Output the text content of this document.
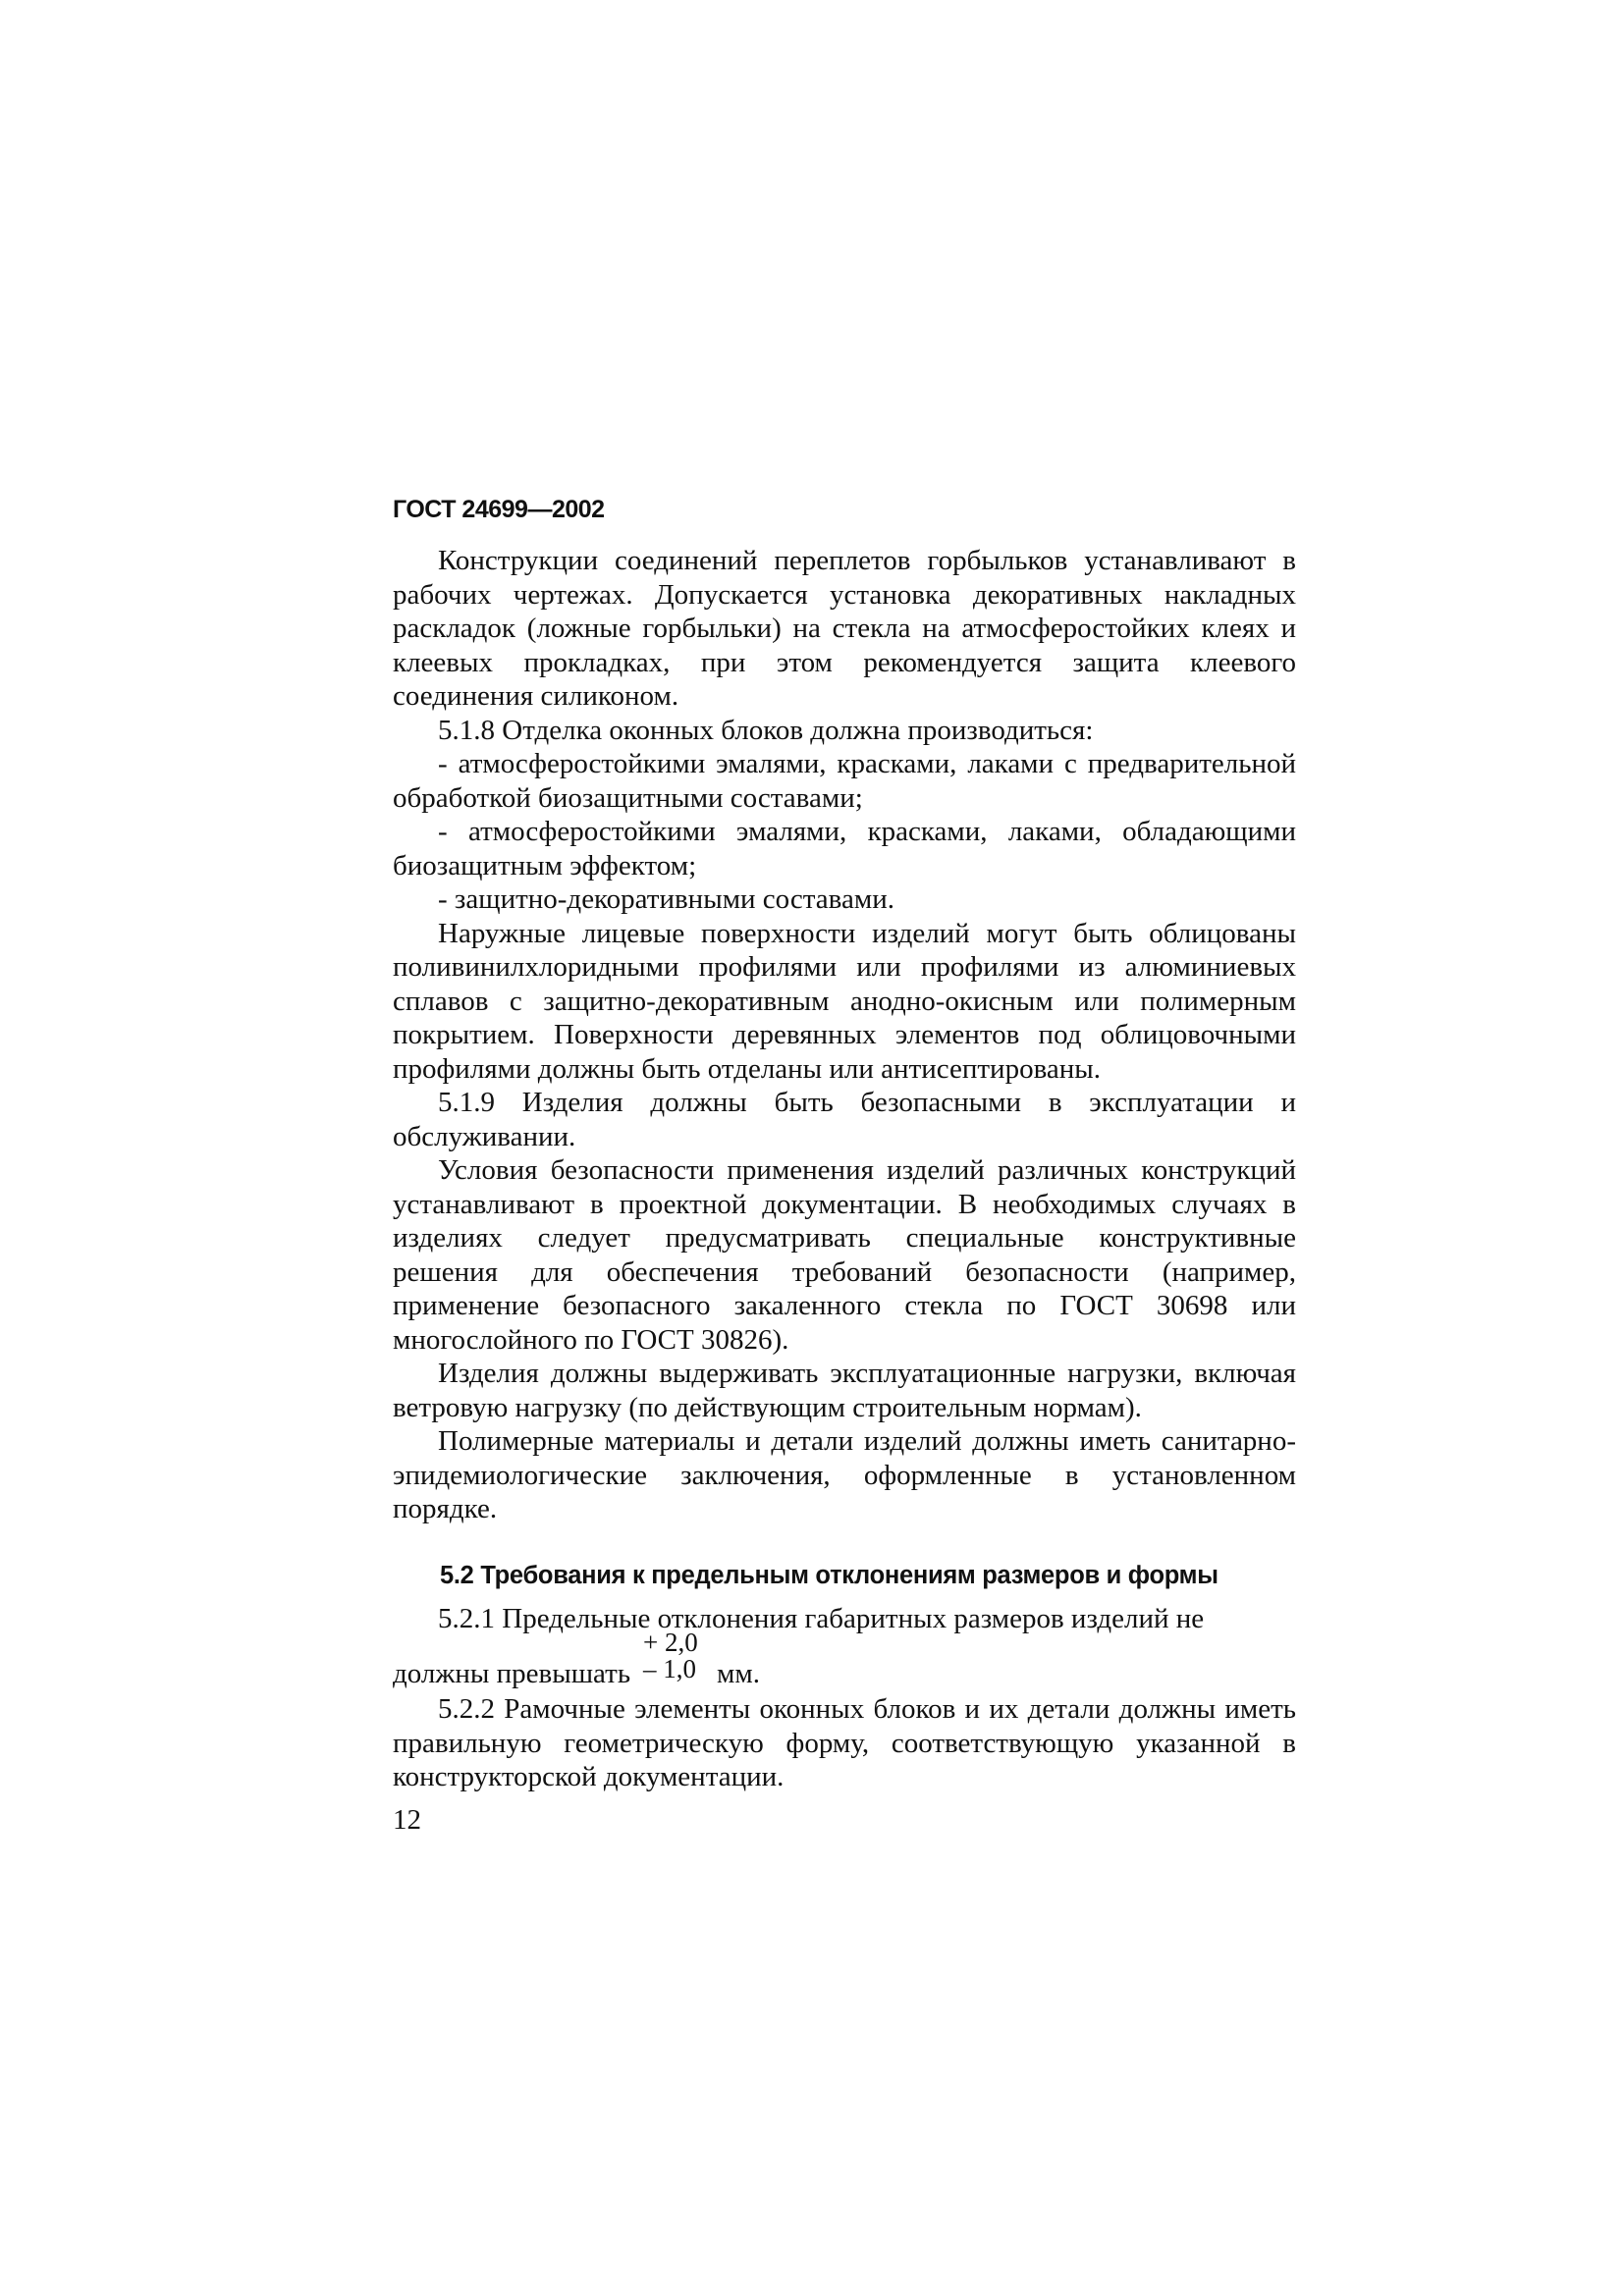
ГОСТ 24699—2002

Конструкции соединений переплетов горбыльков устанавливают в рабочих чертежах. Допускается установка декоративных накладных раскладок (ложные горбыльки) на стекла на атмосферостойких клеях и клеевых прокладках, при этом рекомендуется защита клеевого соединения силиконом.

5.1.8 Отделка оконных блоков должна производиться:

- атмосферостойкими эмалями, красками, лаками с предварительной обработкой биозащитными составами;

- атмосферостойкими эмалями, красками, лаками, обладающими биозащитным эффектом;

- защитно-декоративными составами.

Наружные лицевые поверхности изделий могут быть облицованы поливинилхлоридными профилями или профилями из алюминиевых сплавов с защитно-декоративным анодно-окисным или полимерным покрытием. Поверхности деревянных элементов под облицовочными профилями должны быть отделаны или антисептированы.

5.1.9 Изделия должны быть безопасными в эксплуатации и обслуживании.

Условия безопасности применения изделий различных конструкций устанавливают в проектной документации. В необходимых случаях в изделиях следует предусматривать специальные конструктивные решения для обеспечения требований безопасности (например, применение безопасного закаленного стекла по ГОСТ 30698 или многослойного по ГОСТ 30826).

Изделия должны выдерживать эксплуатационные нагрузки, включая ветровую нагрузку (по действующим строительным нормам).

Полимерные материалы и детали изделий должны иметь санитарно-эпидемиологические заключения, оформленные в установленном порядке.

5.2 Требования к предельным отклонениям размеров и формы

5.2.1 Предельные отклонения габаритных размеров изделий не

должны превышать
+ 2,0
– 1,0 мм.

5.2.2 Рамочные элементы оконных блоков и их детали должны иметь правильную геометрическую форму, соответствующую указанной в конструкторской документации.

12
